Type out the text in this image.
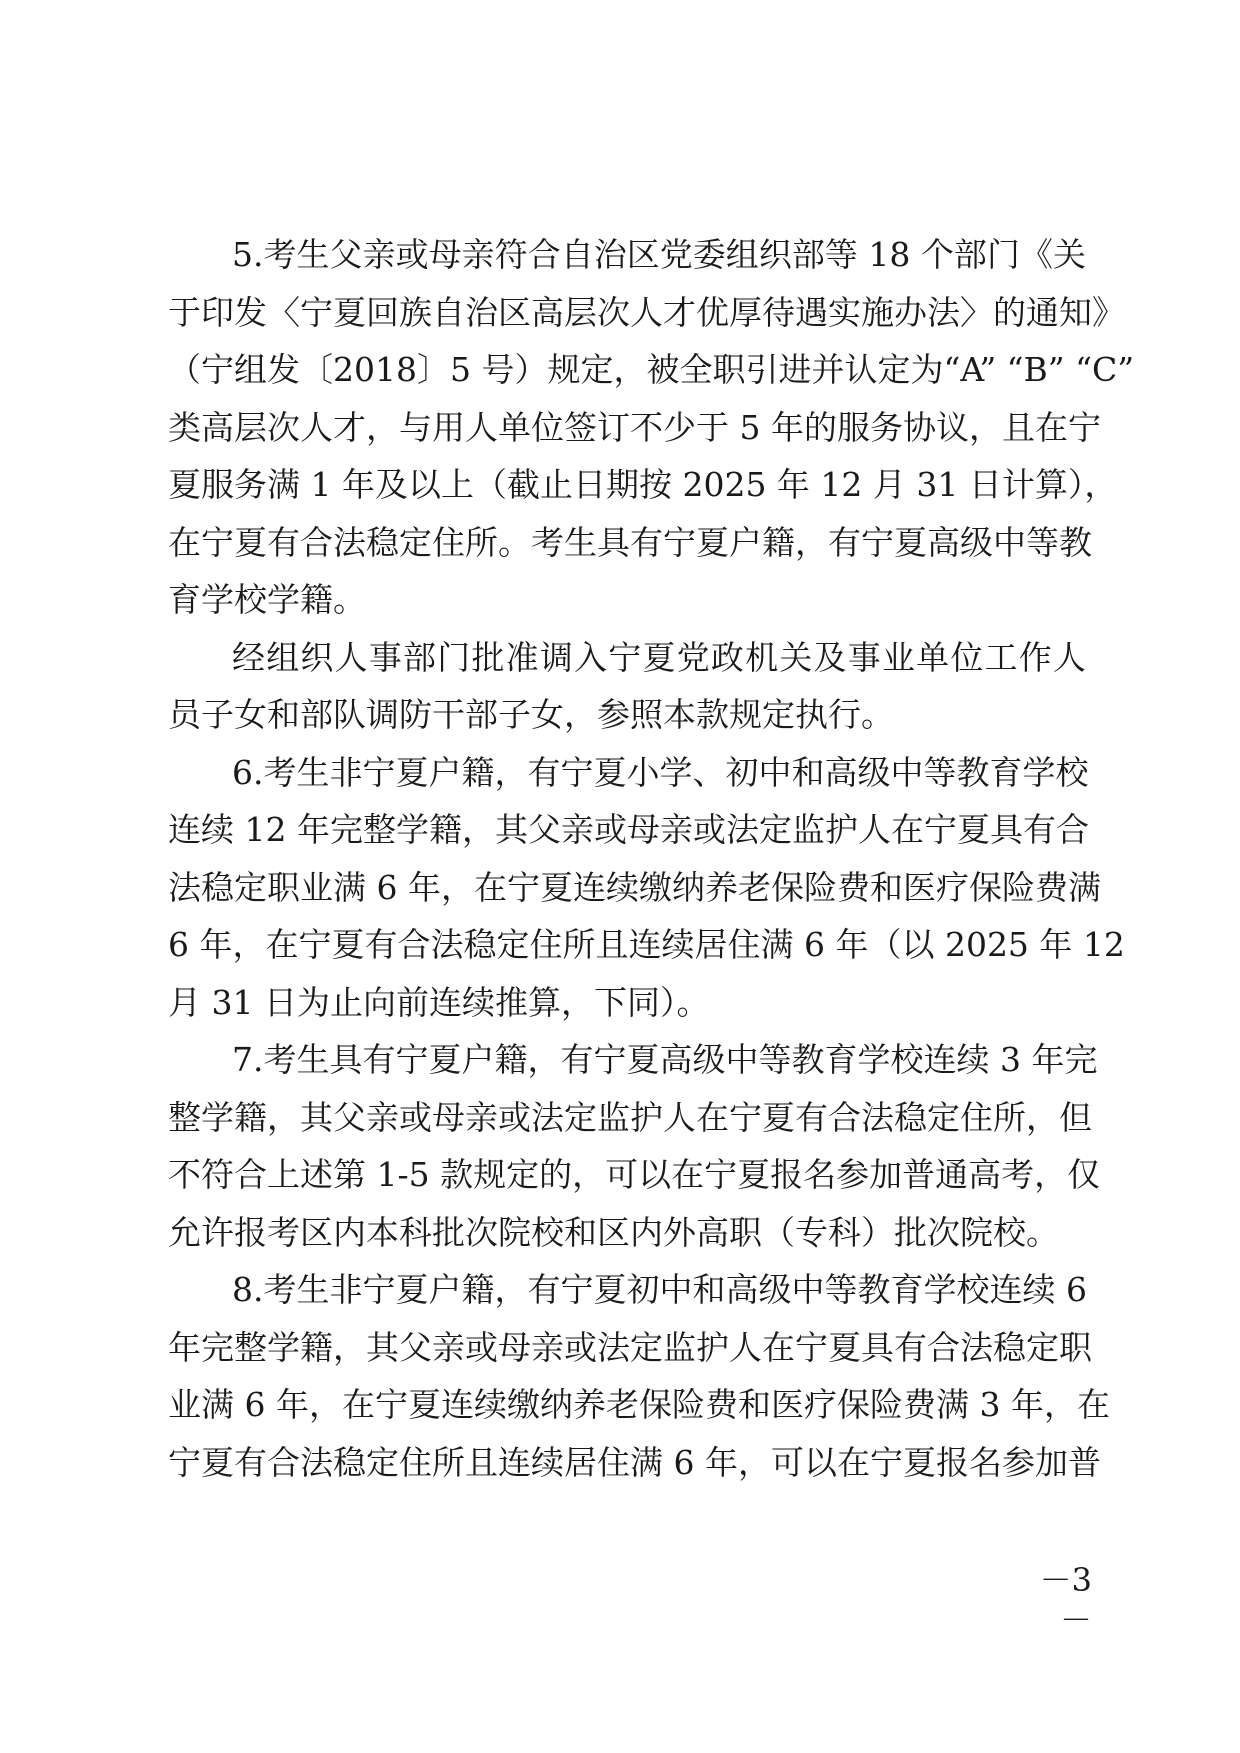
5.考生父亲或母亲符合自治区党委组织部等 18 个部门《关
于印发〈宁夏回族自治区高层次人才优厚待遇实施办法〉的通知》
（宁组发〔2018〕5 号）规定，被全职引进并认定为“A” “B” “C”
类高层次人才，与用人单位签订不少于 5 年的服务协议，且在宁
夏服务满 1 年及以上（截止日期按 2025 年 12 月 31 日计算），
在宁夏有合法稳定住所。考生具有宁夏户籍，有宁夏高级中等教
育学校学籍。
经组织人事部门批准调入宁夏党政机关及事业单位工作人
员子女和部队调防干部子女，参照本款规定执行。
6.考生非宁夏户籍，有宁夏小学、初中和高级中等教育学校
连续 12 年完整学籍，其父亲或母亲或法定监护人在宁夏具有合
法稳定职业满 6 年，在宁夏连续缴纳养老保险费和医疗保险费满
6 年，在宁夏有合法稳定住所且连续居住满 6 年（以 2025 年 12
月 31 日为止向前连续推算，下同）。
7.考生具有宁夏户籍，有宁夏高级中等教育学校连续 3 年完
整学籍，其父亲或母亲或法定监护人在宁夏有合法稳定住所，但
不符合上述第 1-5 款规定的，可以在宁夏报名参加普通高考，仅
允许报考区内本科批次院校和区内外高职（专科）批次院校。
8.考生非宁夏户籍，有宁夏初中和高级中等教育学校连续 6
年完整学籍，其父亲或母亲或法定监护人在宁夏具有合法稳定职
业满 6 年，在宁夏连续缴纳养老保险费和医疗保险费满 3 年，在
宁夏有合法稳定住所且连续居住满 6 年，可以在宁夏报名参加普
－3－
